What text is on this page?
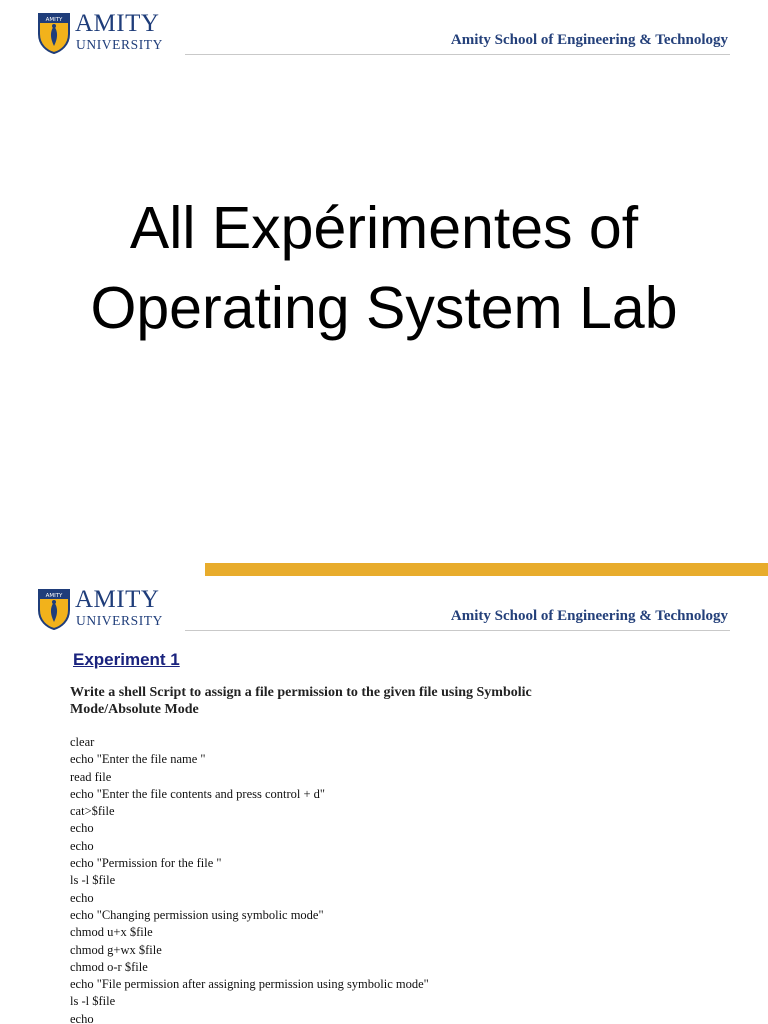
AMITY AMITY
UNIVERSITY	Amity School of Engineering & Technology
All Expérimentes of
Operating System Lab
AMITY AMITY
UNIVERSITY	Amity School of Engineering & Technology
Experiment 1
Write a shell Script to assign a file permission to the given file using Symbolic
Mode/Absolute Mode
clear
echo "Enter the file name "
read file
echo "Enter the file contents and press control + d"
cat>$file
echo
echo
echo "Permission for the file "
ls -l $file
echo
echo "Changing permission using symbolic mode"
chmod u+x $file
chmod g+wx $file
chmod o-r $file
echo "File permission after assigning permission using symbolic mode"
ls -l $file
echo
